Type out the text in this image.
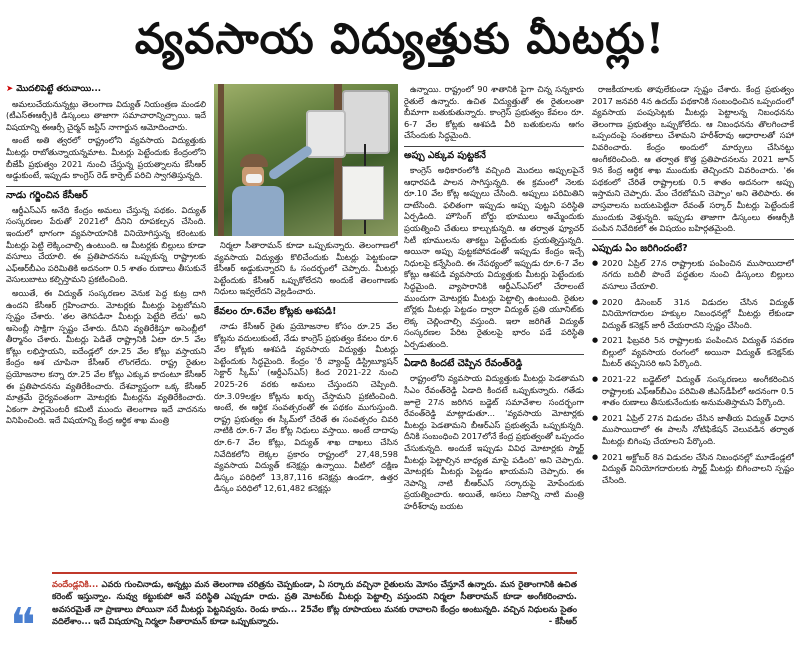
వ్యవసాయ విద్యుత్తుకు మీటర్లు!
➤ మొదలిపెట్టే తరువాయి...

అమలుచేయనున్నట్లు తెలంగాణ విద్యుత్ నియంత్రణ మండలి (టీఎస్‌ఈఆర్సీ)కి డిస్కంలు తాజాగా సమాచారాన్నిచ్చాయి. ఇదే విషయాన్ని ఈఆర్సీ చైర్మన్ జస్టిస్ నాగార్జున ఆమోదించారు.

అంటే అతి త్వరలో రాష్ట్రంలోని వ్యవసాయ విద్యుత్తుకు మీటర్లు రాబోతున్నాయన్నమాట. మీటర్లు పెట్టేందుకు కేంద్రంలోని బీజేపీ ప్రభుత్వం 2021 నుంచి చేస్తున్న ప్రయత్నాలను కేసీఆర్ అడ్డుకుంటే, ఇప్పుడు కాంగ్రెస్ రెడ్ కార్పెట్ పరిచి స్వాగతిస్తున్నది.

నాడు గర్జించిన కేసీఆర్

ఆర్డీఎస్ఎస్ అనేది కేంద్రం అమలు చేస్తున్న పథకం. విద్యుత్ సంస్కరణల పేరుతో 2021లో దీనిని రూపకల్పన చేసింది. ఇందులో భాగంగా వ్యవసాయానికి వినియోగిస్తున్న కరెంటుకు మీటర్లు పెట్టి లెక్కించాల్సి ఉంటుంది. ఆ మీటర్లకు బిల్లులు కూడా వసూలు చేయాలి. ఈ ప్రతిపాదనను ఒప్పుకున్న రాష్ట్రాలకు ఎఫ్‌ఆర్‌బీఎం పరిమితికి అదనంగా 0.5 శాతం రుణాలు తీసుకునే వెసులుబాటు కల్పిస్తామని ప్రకటించింది.

అయితే, ఈ విద్యుత్ సంస్కరణల వెనుక పెద్ద కుట్ర దాగి ఉందని కేసీఆర్ గ్రహించారు. మోటర్లకు మీటర్లు పెట్టబోమని స్పష్టం చేశారు. 'తల తెగిపడినా మీటర్లు పెట్టేది లేదు' అని అసెంబ్లీ సాక్షిగా స్పష్టం చేశారు. దీనిని వ్యతిరేకిస్తూ అసెంబ్లీలో తీర్మానం చేశారు. మీటర్లు పెడితే రాష్ట్రానికి ఏటా రూ.5 వేల కోట్లు లభిస్తాయని, ఐదేండ్లలో రూ.25 వేల కోట్లు వస్తాయని కేంద్రం ఆశ చూపినా కేసీఆర్ లొంగలేదు. రాష్ట్ర రైతుల ప్రయోజనాల కన్నా రూ.25 వేల కోట్లు ఎక్కువ కాదంటూ కేసీఆర్ ఈ ప్రతిపాదనను వ్యతిరేకించారు. దేశవ్యాప్తంగా ఒక్క కేసీఆర్ మాత్రమే ధైర్యవంతంగా మోటర్లకు మీటర్లను వ్యతిరేకించారు. ఏకంగా పార్లమెంటరీ కమిటీ ముందు తెలంగాణ ఇదే వాదనను వినిపించింది. ఇదే విషయాన్ని కేంద్ర ఆర్థిక శాఖ మంత్రి

నిర్మలా సీతారామన్ కూడా ఒప్పుకున్నారు. తెలంగాణలో వ్యవసాయ విద్యుత్తు కొలిచేందుకు మీటర్లు పెట్టకుండా కేసీఆర్ అడ్డుకున్నారని ఓ సందర్భంలో చెప్పారు. మీటర్లు పెట్టేందుకు కేసీఆర్ ఒప్పుకోలేదని అందుకే తెలంగాణకు నిధులు ఇవ్వలేదని వెల్లడించారు.

కేవలం రూ.6వేల కోట్లకు ఆశపడి!

నాడు కేసీఆర్ రైతు ప్రయోజనాల కోసం రూ.25 వేల కోట్లను వదులుకుంటే, నేడు కాంగ్రెస్ ప్రభుత్వం కేవలం రూ.6 వేల కోట్లకు ఆశపడి వ్యవసాయ విద్యుత్తు మీటర్లు పెట్టేందుకు సిద్ధమైంది. కేంద్రం 'రీ వ్యాంప్డ్ డిస్ట్రిబ్యూషన్ సెక్టార్ స్కీమ్' (ఆర్డీఎస్ఎస్) కింద 2021-22 నుంచి 2025-26 వరకు అమలు చేస్తుందని చెప్పింది. రూ.3.09లక్షల కోట్లను ఖర్చు చేస్తామని ప్రకటించింది. అంటే, ఈ ఆర్థిక సంవత్సరంతో ఈ పథకం ముగుస్తుంది. రాష్ట్ర ప్రభుత్వం ఈ స్కీమ్‌లో చేరితే ఈ సంవత్సరం చివరి నాటికి రూ.6-7 వేల కోట్ల నిధులు వస్తాయి. అంటే దాదాపు రూ.6-7 వేల కోట్లు, విద్యుత్ శాఖ దాఖలు చేసిన నివేదికలోని లెక్కల ప్రకారం రాష్ట్రంలో 27,48,598 వ్యవసాయ విద్యుత్ కనెక్షన్లు ఉన్నాయి. వీటిలో దక్షిణ డిస్కం పరిధిలో 13,87,116 కనెక్షన్లు ఉండగా, ఉత్తర డిస్కం పరిధిలో 12,61,482 కనెక్షన్లు

ఉన్నాయి. రాష్ట్రంలో 90 శాతానికి పైగా చిన్న సన్నకారు రైతులే ఉన్నారు. ఉచిత విద్యుత్తుతో ఈ రైతులంతా బీమాగా బతుకుతున్నారు. కాంగ్రెస్ ప్రభుత్వం కేవలం రూ. 6-7 వేల కోట్లకు ఆశపడి వీరి బతుకులను ఆగం చేసేందుకు సిద్ధమైంది.

అప్పు ఎక్కువ పుట్టకనే

కాంగ్రెస్ అధికారంలోకి వచ్చింది మొదలు అప్పులపైనే ఆధారపడి పాలన సాగిస్తున్నది. ఈ క్రమంలో నెలకు రూ.10 వేల కోట్ల అప్పులు చేసింది. అప్పులు పరిమితిని దాటేసింది. ఫలితంగా ఇప్పుడు అప్పు పుట్టని పరిస్థితి ఏర్పడింది. హౌసింగ్ బోర్డు భూములు అమ్మేందుకు ప్రయత్నించి చేతులు కాల్చుకున్నది. ఆ తర్వాత ఫ్యూచర్ సిటీ భూములను తాకట్టు పెట్టేందుకు ప్రయత్నిస్తున్నది. అయినా అప్పు పుట్టకపోవడంతో ఇప్పుడు కేంద్రం ఇచ్చే నిధులపై కన్నేసింది. ఈ నేపథ్యంలో ఇప్పుడు రూ.6-7 వేల కోట్లు ఆశపడి వ్యవసాయ విద్యుత్తుకు మీటర్లు పెట్టేందుకు సిద్ధమైంది. వ్యాపారానికి ఆర్డీఎస్ఎస్‌లో చేరాలంటే ముందుగా మోటర్లకు మీటర్లు పెట్టాల్సి ఉంటుంది. రైతుల బోర్లకు మీటర్లు పెట్టడం ద్వారా విద్యుత్ ప్రతి యూనిట్‌కు లెక్క చెల్లించాల్సి వస్తుంది. ఇలా జరిగితే విద్యుత్ సంస్కరణల పేరిట రైతులపై భారం పడే పరిస్థితి ఏర్పడుతుంది.

ఏడాది కిందటే చెప్పిన రేవంత్‌రెడ్డి

రాష్ట్రంలోని వ్యవసాయ విద్యుత్తుకు మీటర్లు పెడతామని సీఎం రేవంత్‌రెడ్డి ఏడాది కిందటే ఒప్పుకున్నారు. గతేడు జూలై 27న జరిగిన బడ్జెట్ సమావేశాల సందర్భంగా రేవంత్‌రెడ్డి మాట్లాడుతూ... 'వ్యవసాయ మోటార్లకు మీటర్లు పెడతామని బీఆర్ఎస్ ప్రభుత్వమే ఒప్పుకున్నది. దీనికి సంబంధించి 2017లోనే కేంద్ర ప్రభుత్వంతో ఒప్పందం చేసుకున్నది. అందుకే ఇప్పుడు వివిధ మోటార్లకు స్మార్ట్ మీటర్లు పెట్టాల్సిన బాధ్యత మాపై పడింది' అని చెప్పారు. మోటర్లకు మీటర్లు పెట్టడం ఖాయమని చెప్పారు. ఈ నెపాన్ని నాటి బీఆర్ఎస్ సర్కారుపై మోపేందుకు ప్రయత్నించారు. అయితే, అసలు నిజాన్ని నాటి మంత్రి హరీశ్‌రావు బయట

రాజకీయాలకు తావులేకుండా స్పష్టం చేశారు. కేంద్ర ప్రభుత్వం 2017 జనవరి 4న ఉదయ్ పథకానికి సంబంధించిన ఒప్పందంలో వ్యవసాయ పంపుసెట్లకు మీటర్లు పెట్టాలన్న నిబంధనను తెలంగాణ ప్రభుత్వం ఒప్పుకోలేదు. ఆ నిబంధనను తొలగించాకే ఒప్పందంపై సంతకాలు చేశామని హరీశ్‌రావు ఆధారాలతో సహా వివరించారు. కేంద్రం అందులో మార్పులు చేసినట్టు అంగీకరించింది. ఆ తర్వాత కొత్త ప్రతిపాదనలను 2021 జూన్ 9న కేంద్ర ఆర్థిక శాఖ ముందుకు తెచ్చిందని వివరించారు. 'ఈ పథకంలో చేరితే రాష్ట్రాలకు 0.5 శాతం అదనంగా అప్పు ఇస్తామని చెప్పారు. మేం చేరబోమని చెప్పాం' అని తెలిపారు. ఈ వాస్తవాలను బయటపెట్టినా రేవంత్ సర్కార్ మీటర్లు పెట్టేందుకే ముందుకు వెళ్తున్నది. ఇప్పుడు తాజాగా డిస్కంలు ఈఆర్సీకి పంపిన నివేదికలో ఈ విషయం బహిర్గతమైంది.

ఎప్పుడు ఏం జరిగిందంటే?
● 2020 ఏప్రిల్ 27న రాష్ట్రాలకు పంపించిన ముసాయిదాలో నగదు బదిలీ పొందే పద్ధతుల నుంచి డిస్కంలు బిల్లులు వసూలు చేయాలి.
● 2020 డిసెంబర్ 31న విడుదల చేసిన విద్యుత్ వినియోగదారుల హక్కుల నిబంధనల్లో మీటర్లు లేకుండా విద్యుత్ కనెక్షన్ జారీ చేయరాదని స్పష్టం చేసింది.
● 2021 ఫిబ్రవరి 5న రాష్ట్రాలకు పంపించిన విద్యుత్ సవరణ బిల్లులో వ్యవసాయ రంగంలో అయినా విద్యుత్ కనెక్షన్‌కు మీటర్ తప్పనిసరి అని పేర్కొంది.
● 2021-22 బడ్జెట్‌లో విద్యుత్ సంస్కరణలు అంగీకరించిన రాష్ట్రాలకు ఎఫ్‌ఆర్‌బీఎం పరిమితి జీఎస్‌డీపీలో అదనంగా 0.5 శాతం రుణాలు తీసుకునేందుకు అనుమతిస్తామని పేర్కొంది.
● 2021 ఏప్రిల్ 27న విడుదల చేసిన జాతీయ విద్యుత్ విధాన ముసాయిదాలో ఈ పాలసీ నోటిఫికేషన్ వెలువడిన తర్వాత మీటర్లు బిగింపు చేయాలని పేర్కొంది.
● 2021 అక్టోబర్ 8న విడుదల చేసిన నిబంధనల్లో మూడేండ్లలో విద్యుత్ వినియోగదారులకు స్మార్ట్ మీటర్లు బిగించాలని స్పష్టం చేసింది.
❝
వందేండ్లనికి... ఎవరు గుంచినాడు, అన్నట్లు మన తెలంగాణ చరిత్రను చెప్పకుండా, ఏ సర్కారు వచ్చినా రైతులను మోసం చేస్తూనే ఉన్నారు. మన రైతాంగానికి ఉచిత కరెంట్ ఇస్తున్నాం. నువ్వు కట్టుకుపో అనే పరిస్థితి ఎప్పుడూ రాదు. ప్రతి మోటర్‌కు మీటర్లు పెట్టాల్సి వస్తుందని నిర్మలా సీతారామన్ కూడా అంగీకరించారు. అవసరమైతే నా ప్రాణాలు పోయినా సరే మీటర్లు పెట్టనివ్వను. రెండు కాదు... 25వేల కోట్ల రూపాయలు మనకు రావాలని కేంద్రం అంటున్నది. వచ్చిన నిధులను సైతం వదిలేశాం... ఇదే విషయాన్ని నిర్మలా సీతారామన్ కూడా ఒప్పుకున్నారు.	- కేసీఆర్
